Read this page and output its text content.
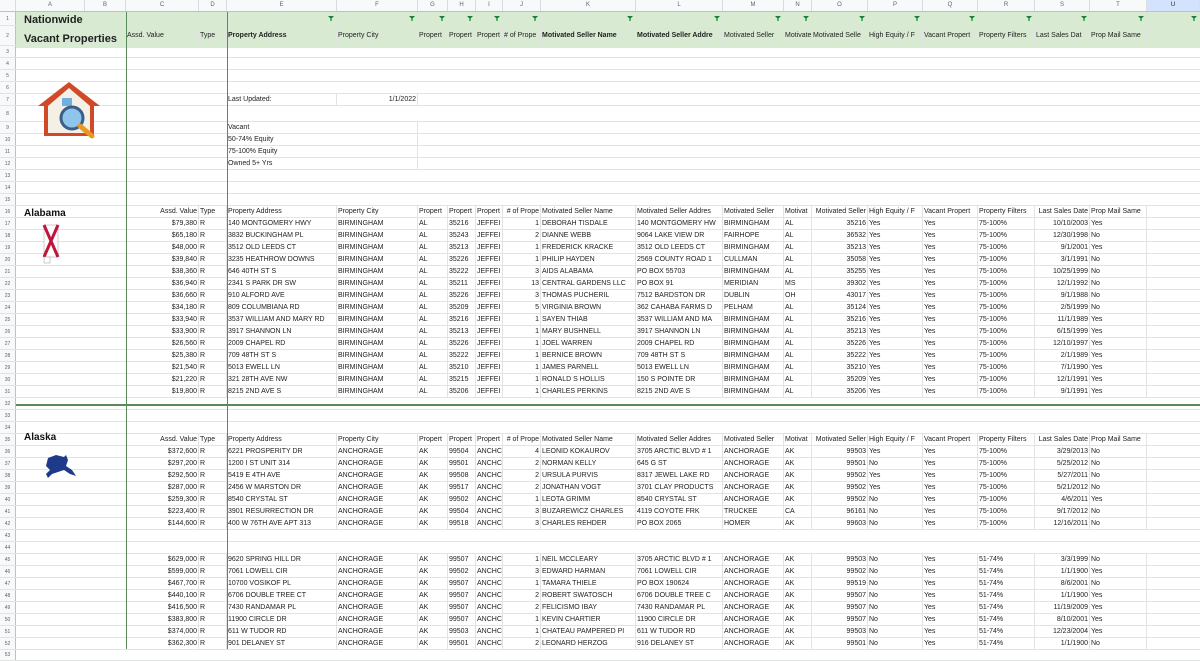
A	B	C	D	E	F	G	H	I	J	K	L	M	N	O	P	Q	R	S	T	U
1
2	Assd. Value	Type	Property Address	Property City	Propert	Propert Propert # of Prope Motivated Seller Name	Motivated Seller Addre	Motivated Seller	Motivate Motivated Selle	High Equity / F	Vacant Propert	Property Filters	Last Sales Dat	Prop Mail Same
3
4
5
6
7	Last Updated:	1/1/2022
8
9	Vacant
10	50-74% Equity
11	75-100% Equity
12	Owned 5+ Yrs
13
14
15
16	Assd. Value Type	Property Address	Property City	Propert	Propert Propert # of Prope Motivated Seller Name	Motivated Seller Addres	Motivated Seller	Motivat	Motivated Seller High Equity / F	Vacant Propert	Property Filters	Last Sales Date Prop Mail Same
17	$79,380 R	140 MONTGOMERY HWY	BIRMINGHAM	AL	35216	JEFFEI	1 DEBORAH TISDALE	140 MONTGOMERY HW	BIRMINGHAM	AL	35216 Yes	Yes	75-100%	10/10/2003 Yes
18	$65,180 R	3832 BUCKINGHAM PL	BIRMINGHAM	AL	35243	JEFFEI	2 DIANNE WEBB	9064 LAKE VIEW DR	FAIRHOPE	AL	36532 Yes	Yes	75-100%	12/30/1998 No
19	$48,000 R	3512 OLD LEEDS CT	BIRMINGHAM	AL	35213	JEFFEI	1 FREDERICK KRACKE	3512 OLD LEEDS CT	BIRMINGHAM	AL	35213 Yes	Yes	75-100%	9/1/2001 Yes
20	$39,840 R	3235 HEATHROW DOWNS	BIRMINGHAM	AL	35226	JEFFEI	1 PHILIP HAYDEN	2569 COUNTY ROAD 1	CULLMAN	AL	35058 Yes	Yes	75-100%	3/1/1991 No
21	$38,360 R	646 40TH ST S	BIRMINGHAM	AL	35222	JEFFEI	3 AIDS ALABAMA	PO BOX 55703	BIRMINGHAM	AL	35255 Yes	Yes	75-100%	10/25/1999 No
22	$36,940 R	2341 S PARK DR SW	BIRMINGHAM	AL	35211	JEFFEI	13 CENTRAL GARDENS LLC	PO BOX 91	MERIDIAN	MS	39302 Yes	Yes	75-100%	12/1/1992 No
23	$36,660 R	910 ALFORD AVE	BIRMINGHAM	AL	35226	JEFFEI	3 THOMAS PUCHERIL	7512 BARDSTON DR	DUBLIN	OH	43017 Yes	Yes	75-100%	9/1/1988 No
24	$34,180 R	809 COLUMBIANA RD	BIRMINGHAM	AL	35209	JEFFEI	5 VIRGINIA BROWN	362 CAHABA FARMS D	PELHAM	AL	35124 Yes	Yes	75-100%	2/5/1999 No
25	$33,940 R	3537 WILLIAM AND MARY RD	BIRMINGHAM	AL	35216	JEFFEI	1 SAYEN THIAB	3537 WILLIAM AND MA	BIRMINGHAM	AL	35216 Yes	Yes	75-100%	11/1/1989 Yes
26	$33,900 R	3917 SHANNON LN	BIRMINGHAM	AL	35213	JEFFEI	1 MARY BUSHNELL	3917 SHANNON LN	BIRMINGHAM	AL	35213 Yes	Yes	75-100%	6/15/1999 Yes
27	$26,560 R	2009 CHAPEL RD	BIRMINGHAM	AL	35226	JEFFEI	1 JOEL WARREN	2009 CHAPEL RD	BIRMINGHAM	AL	35226 Yes	Yes	75-100%	12/10/1997 Yes
28	$25,380 R	709 48TH ST S	BIRMINGHAM	AL	35222	JEFFEI	1 BERNICE BROWN	709 48TH ST S	BIRMINGHAM	AL	35222 Yes	Yes	75-100%	2/1/1989 Yes
29	$21,540 R	5013 EWELL LN	BIRMINGHAM	AL	35210	JEFFEI	1 JAMES PARNELL	5013 EWELL LN	BIRMINGHAM	AL	35210 Yes	Yes	75-100%	7/1/1990 Yes
30	$21,220 R	321 28TH AVE NW	BIRMINGHAM	AL	35215	JEFFEI	1 RONALD S HOLLIS	150 S POINTE DR	BIRMINGHAM	AL	35209 Yes	Yes	75-100%	12/1/1991 Yes
31	$19,800 R	8215 2ND AVE S	BIRMINGHAM	AL	35206	JEFFEI	1 CHARLES PERKINS	8215 2ND AVE S	BIRMINGHAM	AL	35206 Yes	Yes	75-100%	9/1/1991 Yes
32
33
34
35	Assd. Value Type	Property Address	Property City	Propert	Propert Propert # of Prope Motivated Seller Name	Motivated Seller Addres	Motivated Seller	Motivat	Motivated Seller High Equity / F	Vacant Propert	Property Filters	Last Sales Date Prop Mail Same
36	$372,600 R	6221 PROSPERITY DR	ANCHORAGE	AK	99504	ANCHC	4 LEONID KOKAUROV	3705 ARCTIC BLVD # 1	ANCHORAGE	AK	99503 Yes	Yes	75-100%	3/29/2013 No
37	$297,200 R	1200 I ST UNIT 314	ANCHORAGE	AK	99501	ANCHC	2 NORMAN KELLY	645 G ST	ANCHORAGE	AK	99501 No	Yes	75-100%	5/25/2012 No
38	$292,500 R	5419 E 4TH AVE	ANCHORAGE	AK	99508	ANCHC	2 URSULA PURVIS	8317 JEWEL LAKE RD	ANCHORAGE	AK	99502 Yes	Yes	75-100%	5/27/2011 No
39	$287,000 R	2456 W MARSTON DR	ANCHORAGE	AK	99517	ANCHC	2 JONATHAN VOGT	3701 CLAY PRODUCTS	ANCHORAGE	AK	99502 Yes	Yes	75-100%	5/21/2012 No
40	$259,300 R	8540 CRYSTAL ST	ANCHORAGE	AK	99502	ANCHC	1 LEOTA GRIMM	8540 CRYSTAL ST	ANCHORAGE	AK	99502 No	Yes	75-100%	4/6/2011 Yes
41	$223,400 R	3901 RESURRECTION DR	ANCHORAGE	AK	99504	ANCHC	3 BUZAREWICZ CHARLES	4119 COYOTE FRK	TRUCKEE	CA	96161 No	Yes	75-100%	9/17/2012 No
42	$144,600 R	400 W 76TH AVE APT 313	ANCHORAGE	AK	99518	ANCHC	3 CHARLES REHDER	PO BOX 2065	HOMER	AK	99603 No	Yes	75-100%	12/16/2011 No
43
44
45	$629,000 R	9620 SPRING HILL DR	ANCHORAGE	AK	99507	ANCHC	1 NEIL MCCLEARY	3705 ARCTIC BLVD # 1	ANCHORAGE	AK	99503 No	Yes	51-74%	3/3/1999 No
46	$599,000 R	7061 LOWELL CIR	ANCHORAGE	AK	99502	ANCHC	3 EDWARD HARMAN	7061 LOWELL CIR	ANCHORAGE	AK	99502 No	Yes	51-74%	1/1/1900 Yes
47	$467,700 R	10700 VOSIKOF PL	ANCHORAGE	AK	99507	ANCHC	1 TAMARA THIELE	PO BOX 190624	ANCHORAGE	AK	99519 No	Yes	51-74%	8/6/2001 No
48	$440,100 R	6706 DOUBLE TREE CT	ANCHORAGE	AK	99507	ANCHC	2 ROBERT SWATOSCH	6706 DOUBLE TREE C	ANCHORAGE	AK	99507 No	Yes	51-74%	1/1/1900 Yes
49	$416,500 R	7430 RANDAMAR PL	ANCHORAGE	AK	99507	ANCHC	2 FELICISMO IBAY	7430 RANDAMAR PL	ANCHORAGE	AK	99507 No	Yes	51-74%	11/19/2009 Yes
50	$383,800 R	11900 CIRCLE DR	ANCHORAGE	AK	99507	ANCHC	1 KEVIN CHARTIER	11900 CIRCLE DR	ANCHORAGE	AK	99507 No	Yes	51-74%	8/10/2001 Yes
51	$374,000 R	611 W TUDOR RD	ANCHORAGE	AK	99503	ANCHC	1 CHATEAU PAMPERED PI	611 W TUDOR RD	ANCHORAGE	AK	99503 No	Yes	51-74%	12/23/2004 Yes
52	$362,300 R	901 DELANEY ST	ANCHORAGE	AK	99501	ANCHC	2 LEONARD HERZOG	916 DELANEY ST	ANCHORAGE	AK	99501 No	Yes	51-74%	1/1/1900 No
53
Nationwide
Vacant Properties
Alabama
Alaska
